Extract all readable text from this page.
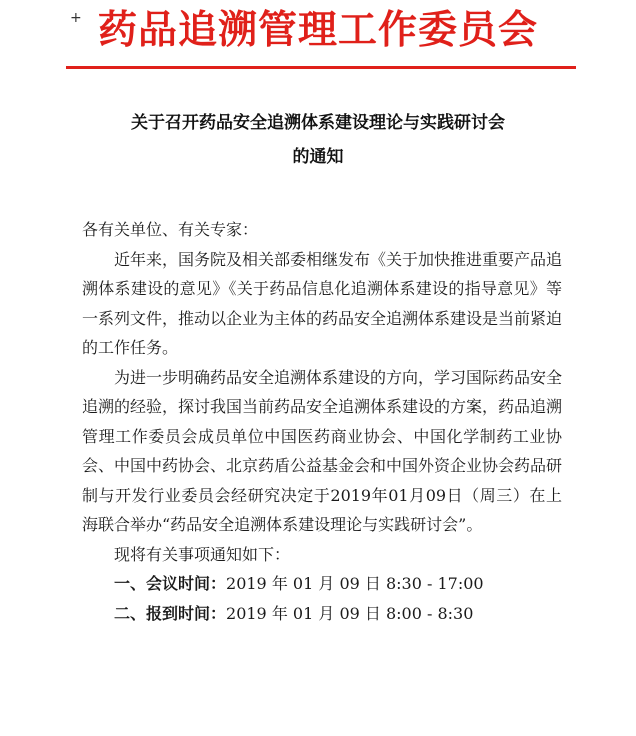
+ 药品追溯管理工作委员会
关于召开药品安全追溯体系建设理论与实践研讨会
的通知

各有关单位、有关专家：

近年来，国务院及相关部委相继发布《关于加快推进重要产品追溯体系建设的意见》《关于药品信息化追溯体系建设的指导意见》等一系列文件，推动以企业为主体的药品安全追溯体系建设是当前紧迫的工作任务。

为进一步明确药品安全追溯体系建设的方向，学习国际药品安全追溯的经验，探讨我国当前药品安全追溯体系建设的方案，药品追溯管理工作委员会成员单位中国医药商业协会、中国化学制药工业协会、中国中药协会、北京药盾公益基金会和中国外资企业协会药品研制与开发行业委员会经研究决定于2019年01月09日（周三）在上海联合举办“药品安全追溯体系建设理论与实践研讨会”。

现将有关事项通知如下：

一、会议时间：2019 年 01 月 09 日 8:30 - 17:00

二、报到时间：2019 年 01 月 09 日 8:00 - 8:30
